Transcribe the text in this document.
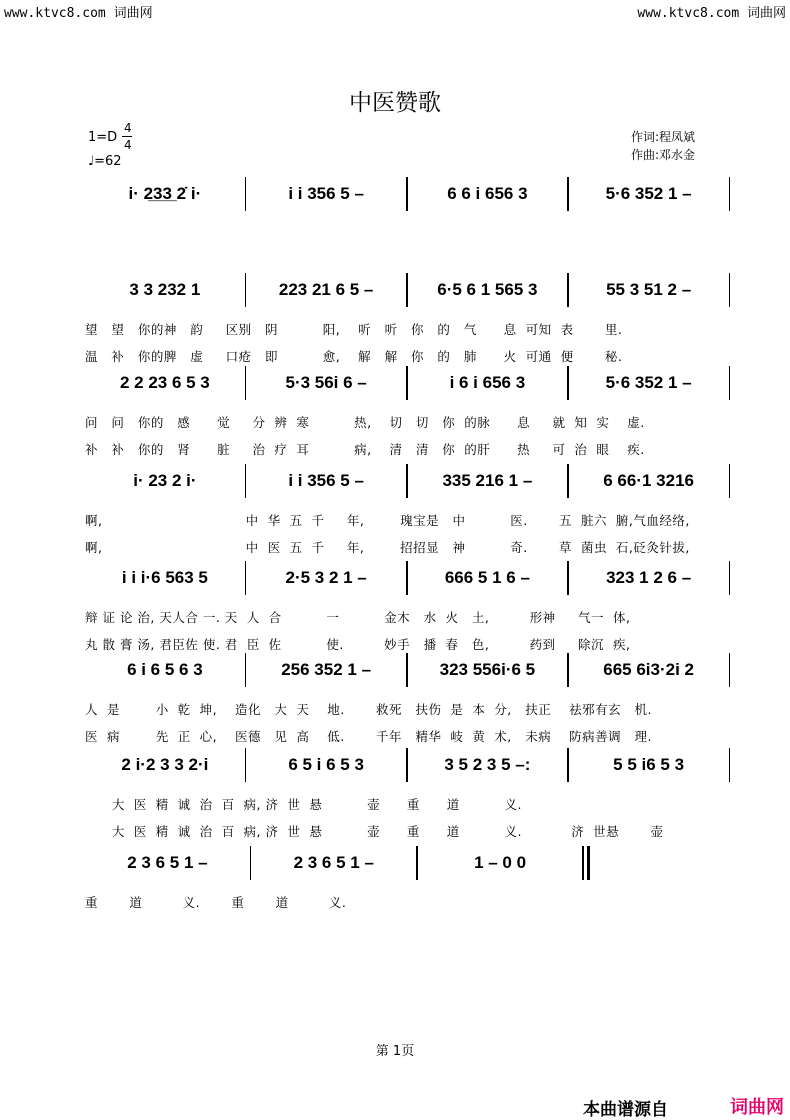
www.ktvc8.com 词曲网	www.ktvc8.com 词曲网
中医赞歌
1=D
4
4
♩=62
作词:程凤斌
作曲:邓水金
i· 2̲3̲3̲ 2̇ i·	i i 356 5 –	6 6 i 656 3	5·6 352 1 –
3 3 232 1	223 21 6 5 –	6·5 6 1 565 3	55 3 51 2 –
望   望   你的神   韵     区别   阴          阳,    听   听   你   的   气      息  可知  表       里.
温   补   你的脾   虚     口疮   即          愈,    解   解   你   的   肺      火  可通  便       秘.
2 2 23 6 5 3	5·3 56i 6 –	i 6 i 656 3	5·6 352 1 –
问   问   你的   感      觉     分  辨  寒          热,    切   切   你  的脉      息     就  知  实    虚.
补   补   你的   肾      脏     治  疗  耳          病,    清   清   你  的肝      热     可  治  眼    疾.
i· 23 2 i·	i i 356 5 –	335 216 1 –	6 66·1 3216
啊,                                中  华  五  千     年,        瑰宝是   中          医.       五  脏六  腑,气血经络,
啊,                                中  医  五  千     年,        招招显   神          奇.       草  菌虫  石,砭灸针拔,
i i i·6 563 5	2·5 3 2 1 –	666 5 1 6 –	323 1 2 6 –
辩 证 论 治, 天人合 一. 天  人  合          一          金木   水  火   土,         形神     气一  体,
丸 散 膏 汤, 君臣佐 使. 君  臣  佐          使.         妙手   播  春   色,         药到     除沉  疾,
6 i 6 5 6 3	256 352 1 –	323 556i·6 5	665 6i3·2i 2
人  是        小  乾  坤,    造化   大  天    地.       救死   扶伤  是  本  分,   扶正    祛邪有玄   机.
医  病        先  正  心,    医德   见  高    低.       千年   精华  岐  黄  术,   未病    防病善调   理.
2 i·2 3 3 2·i	6 5 i 6 5 3	3 5 2 3 5 –:	5 5 i6 5 3
大  医  精  诚  治  百  病, 济  世  悬          壶      重      道          义.
大  医  精  诚  治  百  病, 济  世  悬          壶      重      道          义.           济  世悬       壶
2 3 6 5 1 –	2 3 6 5 1 –	1 – 0 0
重       道         义.       重       道         义.
第 1页
本曲谱源自	词曲网
